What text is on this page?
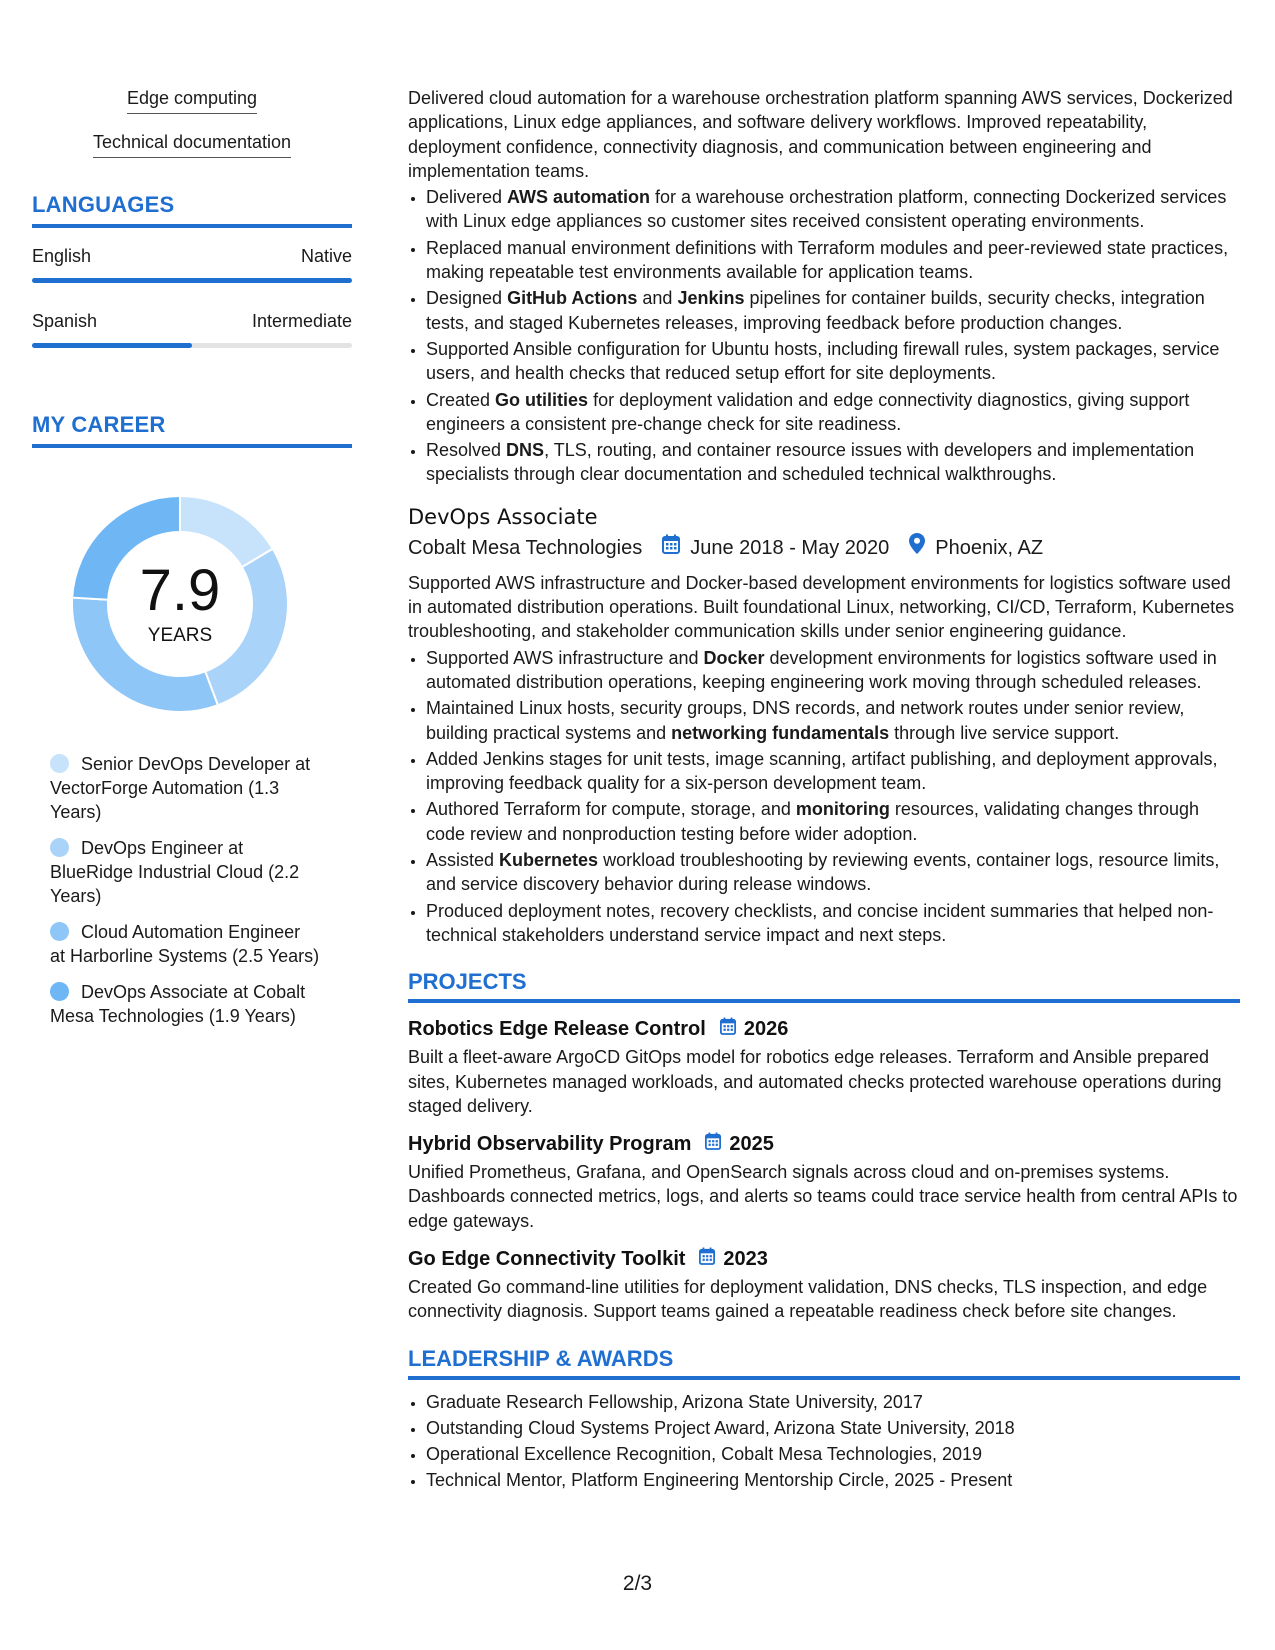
Edge computing
Technical documentation
LANGUAGES
English	Native
Spanish	Intermediate
MY CAREER
7.9
YEARS
Senior DevOps Developer at VectorForge Automation (1.3 Years)
DevOps Engineer at BlueRidge Industrial Cloud (2.2 Years)
Cloud Automation Engineer at Harborline Systems (2.5 Years)
DevOps Associate at Cobalt Mesa Technologies (1.9 Years)

Delivered cloud automation for a warehouse orchestration platform spanning AWS services, Dockerized applications, Linux edge appliances, and software delivery workflows. Improved repeatability, deployment confidence, connectivity diagnosis, and communication between engineering and implementation teams.

• Delivered AWS automation for a warehouse orchestration platform, connecting Dockerized services with Linux edge appliances so customer sites received consistent operating environments.
• Replaced manual environment definitions with Terraform modules and peer-reviewed state practices, making repeatable test environments available for application teams.
• Designed GitHub Actions and Jenkins pipelines for container builds, security checks, integration tests, and staged Kubernetes releases, improving feedback before production changes.
• Supported Ansible configuration for Ubuntu hosts, including firewall rules, system packages, service users, and health checks that reduced setup effort for site deployments.
• Created Go utilities for deployment validation and edge connectivity diagnostics, giving support engineers a consistent pre-change check for site readiness.
• Resolved DNS, TLS, routing, and container resource issues with developers and implementation specialists through clear documentation and scheduled technical walkthroughs.
DevOps Associate
Cobalt Mesa Technologies June 2018 - May 2020 Phoenix, AZ

Supported AWS infrastructure and Docker-based development environments for logistics software used in automated distribution operations. Built foundational Linux, networking, CI/CD, Terraform, Kubernetes troubleshooting, and stakeholder communication skills under senior engineering guidance.

• Supported AWS infrastructure and Docker development environments for logistics software used in automated distribution operations, keeping engineering work moving through scheduled releases.
• Maintained Linux hosts, security groups, DNS records, and network routes under senior review, building practical systems and networking fundamentals through live service support.
• Added Jenkins stages for unit tests, image scanning, artifact publishing, and deployment approvals, improving feedback quality for a six-person development team.
• Authored Terraform for compute, storage, and monitoring resources, validating changes through code review and nonproduction testing before wider adoption.
• Assisted Kubernetes workload troubleshooting by reviewing events, container logs, resource limits, and service discovery behavior during release windows.
• Produced deployment notes, recovery checklists, and concise incident summaries that helped non-technical stakeholders understand service impact and next steps.
PROJECTS
Robotics Edge Release Control 2026

Built a fleet-aware ArgoCD GitOps model for robotics edge releases. Terraform and Ansible prepared sites, Kubernetes managed workloads, and automated checks protected warehouse operations during staged delivery.

Hybrid Observability Program 2025

Unified Prometheus, Grafana, and OpenSearch signals across cloud and on-premises systems. Dashboards connected metrics, logs, and alerts so teams could trace service health from central APIs to edge gateways.

Go Edge Connectivity Toolkit 2023

Created Go command-line utilities for deployment validation, DNS checks, TLS inspection, and edge connectivity diagnosis. Support teams gained a repeatable readiness check before site changes.

LEADERSHIP & AWARDS
• Graduate Research Fellowship, Arizona State University, 2017
• Outstanding Cloud Systems Project Award, Arizona State University, 2018
• Operational Excellence Recognition, Cobalt Mesa Technologies, 2019
• Technical Mentor, Platform Engineering Mentorship Circle, 2025 - Present
2/3
